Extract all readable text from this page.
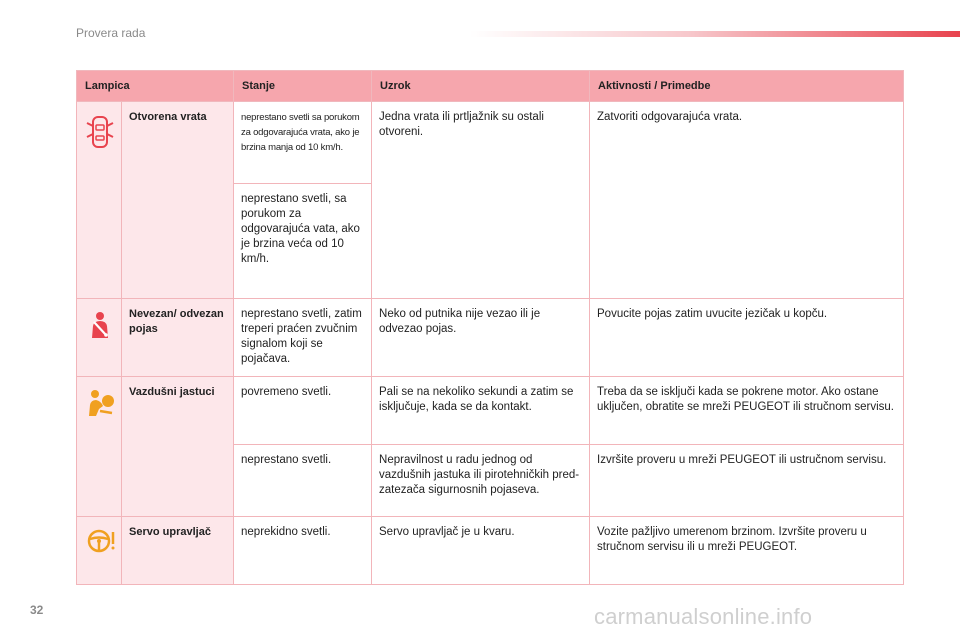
Provera rada
Lampica		Stanje	Uzrok	Aktivnosti / Primedbe

	Otvorena vrata	neprestano svetli sa porukom za odgovarajuća vrata, ako je brzina manja od 10 km/h.	Jedna vrata ili prtljažnik su ostali otvoreni.	Zatvoriti odgovarajuća vrata.
		neprestano svetli, sa porukom za odgovarajuća vata, ako je brzina veća od 10 km/h.		

	Nevezan/ odvezan pojas	neprestano svetli, zatim treperi praćen zvučnim signalom koji se pojačava.	Neko od putnika nije vezao ili je odvezao pojas.	Povucite pojas zatim uvucite jezičak u kopču.

	Vazdušni jastuci	povremeno svetli.	Pali se na nekoliko sekundi a zatim se isključuje, kada se da kontakt.	Treba da se isključi kada se pokrene motor. Ako ostane uključen, obratite se mreži PEUGEOT ili stručnom servisu.
		neprestano svetli.	Nepravilnost u radu jednog od vazdušnih jastuka ili pirotehničkih pred-zatezača sigurnosnih pojaseva.	Izvršite proveru u mreži PEUGEOT ili ustručnom servisu.

	Servo upravljač	neprekidno svetli.	Servo upravljač je u kvaru.	Vozite pažljivo umerenom brzinom. Izvršite proveru u stručnom servisu ili u mreži PEUGEOT.
32	carmanualsonline.info
